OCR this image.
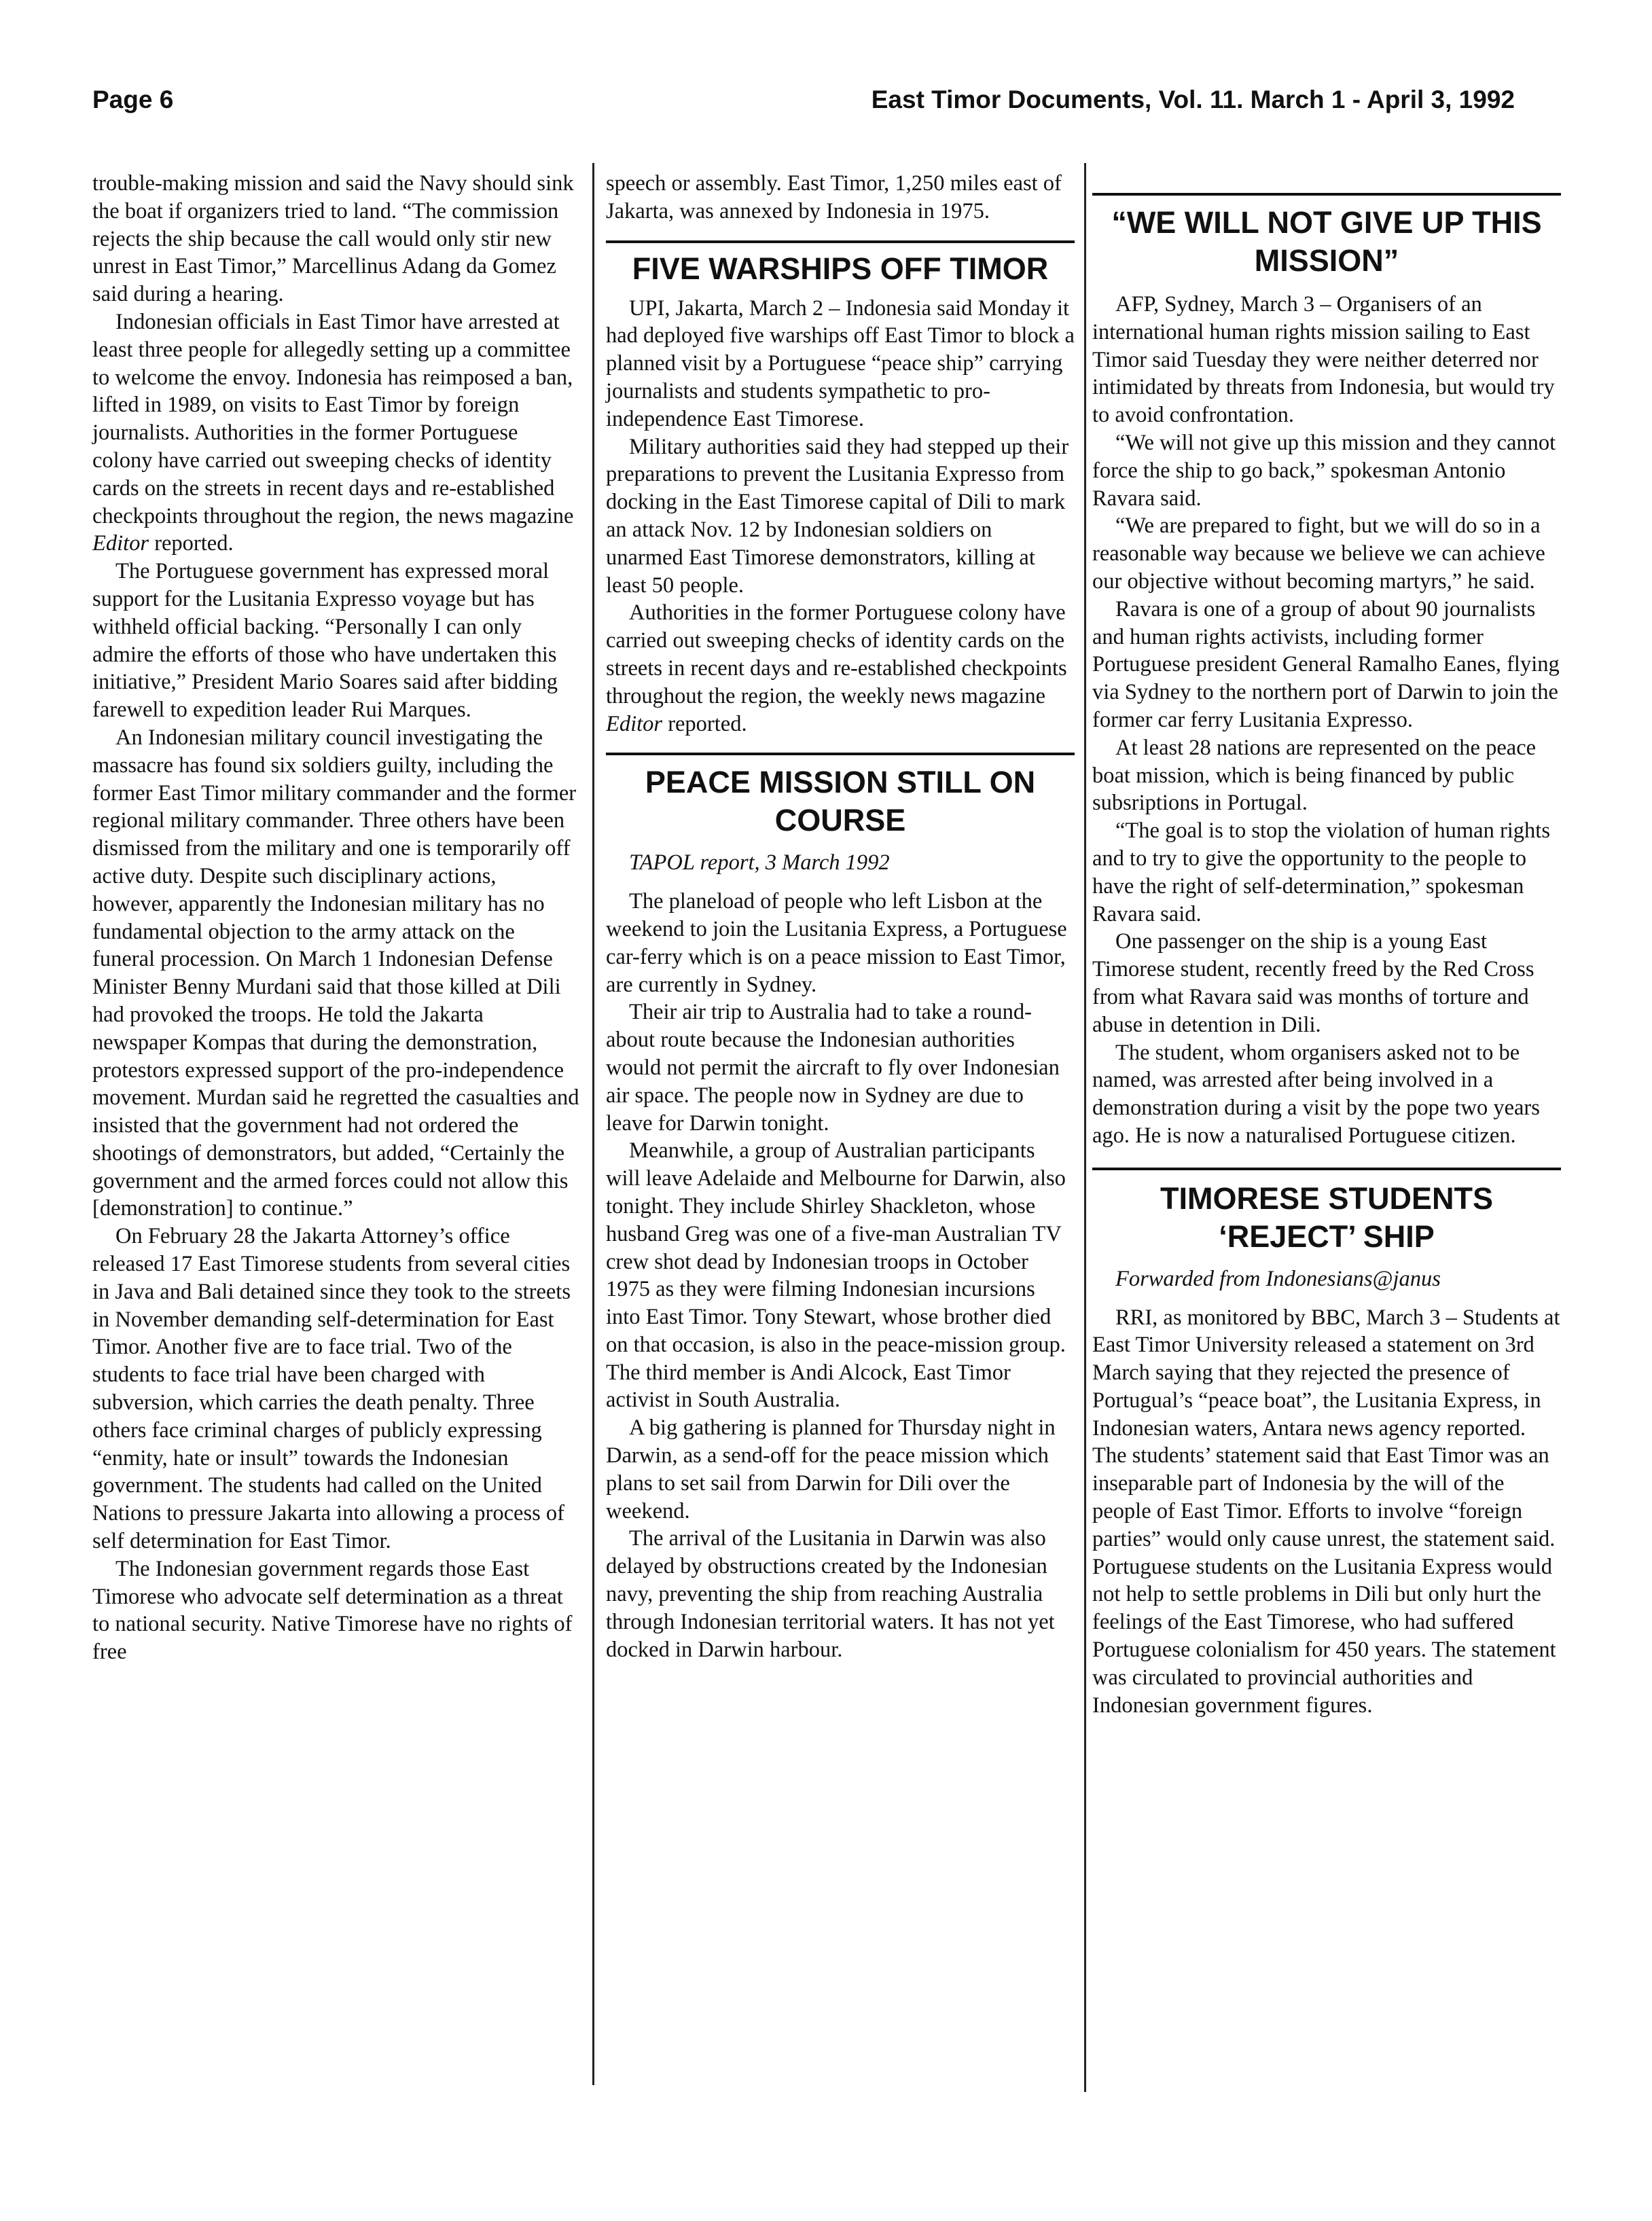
Page 6	East Timor Documents, Vol. 11. March 1 - April 3, 1992

trouble-making mission and said the Navy should sink the boat if organizers tried to land. “The commission rejects the ship because the call would only stir new unrest in East Timor,” Marcellinus Adang da Gomez said during a hearing.

Indonesian officials in East Timor have arrested at least three people for allegedly setting up a committee to welcome the envoy. Indonesia has reimposed a ban, lifted in 1989, on visits to East Timor by foreign journalists. Authorities in the former Portuguese colony have carried out sweeping checks of identity cards on the streets in recent days and re-established checkpoints throughout the region, the news magazine Editor reported.

The Portuguese government has expressed moral support for the Lusitania Expresso voyage but has withheld official backing. “Personally I can only admire the efforts of those who have undertaken this initiative,” President Mario Soares said after bidding farewell to expedition leader Rui Marques.

An Indonesian military council investigating the massacre has found six soldiers guilty, including the former East Timor military commander and the former regional military commander. Three others have been dismissed from the military and one is temporarily off active duty. Despite such disciplinary actions, however, apparently the Indonesian military has no fundamental objection to the army attack on the funeral procession. On March 1 Indonesian Defense Minister Benny Murdani said that those killed at Dili had provoked the troops. He told the Jakarta newspaper Kompas that during the demonstration, protestors expressed support of the pro-independence movement. Murdan said he regretted the casualties and insisted that the government had not ordered the shootings of demonstrators, but added, “Certainly the government and the armed forces could not allow this [demonstration] to continue.”

On February 28 the Jakarta Attorney’s office released 17 East Timorese students from several cities in Java and Bali detained since they took to the streets in November demanding self-determination for East Timor. Another five are to face trial. Two of the students to face trial have been charged with subversion, which carries the death penalty. Three others face criminal charges of publicly expressing “enmity, hate or insult” towards the Indonesian government. The students had called on the United Nations to pressure Jakarta into allowing a process of self determination for East Timor.

The Indonesian government regards those East Timorese who advocate self determination as a threat to national security. Native Timorese have no rights of free

speech or assembly. East Timor, 1,250 miles east of Jakarta, was annexed by Indonesia in 1975.

FIVE WARSHIPS OFF TIMOR

UPI, Jakarta, March 2 – Indonesia said Monday it had deployed five warships off East Timor to block a planned visit by a Portuguese “peace ship” carrying journalists and students sympathetic to pro-independence East Timorese.

Military authorities said they had stepped up their preparations to prevent the Lusitania Expresso from docking in the East Timorese capital of Dili to mark an attack Nov. 12 by Indonesian soldiers on unarmed East Timorese demonstrators, killing at least 50 people.

Authorities in the former Portuguese colony have carried out sweeping checks of identity cards on the streets in recent days and re-established checkpoints throughout the region, the weekly news magazine Editor reported.

PEACE MISSION STILL ON COURSE

TAPOL report, 3 March 1992

The planeload of people who left Lisbon at the weekend to join the Lusitania Express, a Portuguese car-ferry which is on a peace mission to East Timor, are currently in Sydney.

Their air trip to Australia had to take a round-about route because the Indonesian authorities would not permit the aircraft to fly over Indonesian air space. The people now in Sydney are due to leave for Darwin tonight.

Meanwhile, a group of Australian participants will leave Adelaide and Melbourne for Darwin, also tonight. They include Shirley Shackleton, whose husband Greg was one of a five-man Australian TV crew shot dead by Indonesian troops in October 1975 as they were filming Indonesian incursions into East Timor. Tony Stewart, whose brother died on that occasion, is also in the peace-mission group. The third member is Andi Alcock, East Timor activist in South Australia.

A big gathering is planned for Thursday night in Darwin, as a send-off for the peace mission which plans to set sail from Darwin for Dili over the weekend.

The arrival of the Lusitania in Darwin was also delayed by obstructions created by the Indonesian navy, preventing the ship from reaching Australia through Indonesian territorial waters. It has not yet docked in Darwin harbour.

“WE WILL NOT GIVE UP THIS MISSION”

AFP, Sydney, March 3 – Organisers of an international human rights mission sailing to East Timor said Tuesday they were neither deterred nor intimidated by threats from Indonesia, but would try to avoid confrontation.

“We will not give up this mission and they cannot force the ship to go back,” spokesman Antonio Ravara said.

“We are prepared to fight, but we will do so in a reasonable way because we believe we can achieve our objective without becoming martyrs,” he said.

Ravara is one of a group of about 90 journalists and human rights activists, including former Portuguese president General Ramalho Eanes, flying via Sydney to the northern port of Darwin to join the former car ferry Lusitania Expresso.

At least 28 nations are represented on the peace boat mission, which is being financed by public subsriptions in Portugal.

“The goal is to stop the violation of human rights and to try to give the opportunity to the people to have the right of self-determination,” spokesman Ravara said.

One passenger on the ship is a young East Timorese student, recently freed by the Red Cross from what Ravara said was months of torture and abuse in detention in Dili.

The student, whom organisers asked not to be named, was arrested after being involved in a demonstration during a visit by the pope two years ago. He is now a naturalised Portuguese citizen.

TIMORESE STUDENTS ‘REJECT’ SHIP

Forwarded from Indonesians@janus

RRI, as monitored by BBC, March 3 – Students at East Timor University released a statement on 3rd March saying that they rejected the presence of Portugual’s “peace boat”, the Lusitania Express, in Indonesian waters, Antara news agency reported. The students’ statement said that East Timor was an inseparable part of Indonesia by the will of the people of East Timor. Efforts to involve “foreign parties” would only cause unrest, the statement said. Portuguese students on the Lusitania Express would not help to settle problems in Dili but only hurt the feelings of the East Timorese, who had suffered Portuguese colonialism for 450 years. The statement was circulated to provincial authorities and Indonesian government figures.
